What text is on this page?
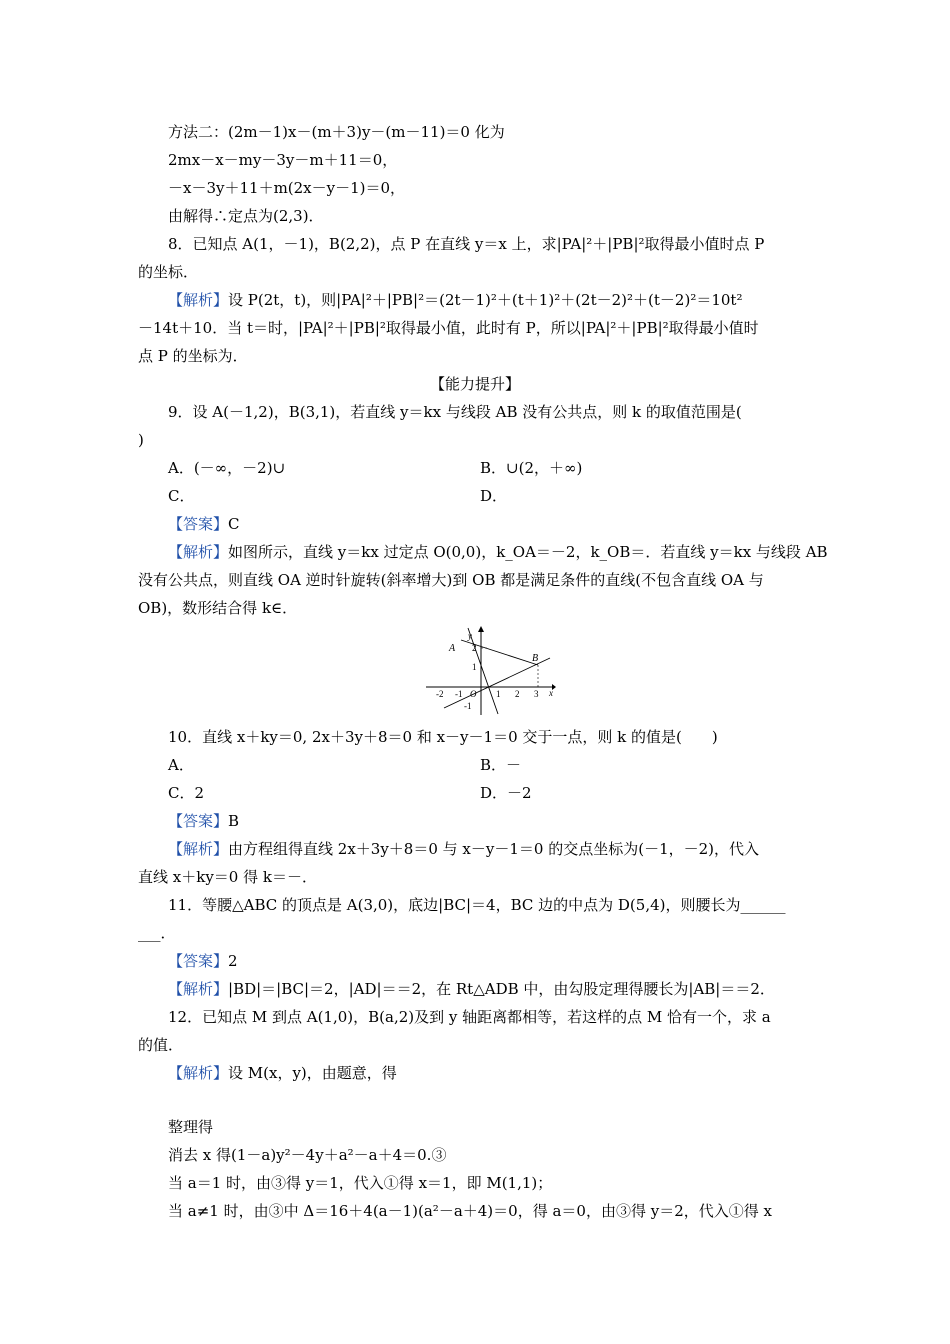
方法二：(2m－1)x－(m＋3)y－(m－11)＝0 化为
2mx－x－my－3y－m＋11＝0，
－x－3y＋11＋m(2x－y－1)＝0，
由解得∴定点为(2,3)．
8．已知点 A(1，－1)，B(2,2)，点 P 在直线 y＝x 上，求|PA|²＋|PB|²取得最小值时点 P
的坐标．
【解析】设 P(2t，t)，则|PA|²＋|PB|²＝(2t－1)²＋(t＋1)²＋(2t－2)²＋(t－2)²＝10t²
－14t＋10．当 t＝时，|PA|²＋|PB|²取得最小值，此时有 P，所以|PA|²＋|PB|²取得最小值时
点 P 的坐标为．
【能力提升】
9．设 A(－1,2)，B(3,1)，若直线 y＝kx 与线段 AB 没有公共点，则 k 的取值范围是(
)
A．(－∞，－2)∪	B．∪(2，＋∞)
C．	D．
【答案】C
【解析】如图所示，直线 y＝kx 过定点 O(0,0)，k_OA＝－2，k_OB＝．若直线 y＝kx 与线段 AB
没有公共点，则直线 OA 逆时针旋转(斜率增大)到 OB 都是满足条件的直线(不包含直线 OA 与
OB)，数形结合得 k∈．
A
B
y
x
O
-2 -1	1 2 3
2
1
-1
10．直线 x＋ky＝0, 2x＋3y＋8＝0 和 x－y－1＝0 交于一点，则 k 的值是(　　)
A．	B．－
C．2	D．－2
【答案】B
【解析】由方程组得直线 2x＋3y＋8＝0 与 x－y－1＝0 的交点坐标为(－1，－2)，代入
直线 x＋ky＝0 得 k＝－．
11．等腰△ABC 的顶点是 A(3,0)，底边|BC|＝4，BC 边的中点为 D(5,4)，则腰长为______
___．
【答案】2
【解析】|BD|＝|BC|＝2，|AD|＝＝2，在 Rt△ADB 中，由勾股定理得腰长为|AB|＝＝2．
12．已知点 M 到点 A(1,0)，B(a,2)及到 y 轴距离都相等，若这样的点 M 恰有一个，求 a
的值．
【解析】设 M(x，y)，由题意，得
整理得
消去 x 得(1－a)y²－4y＋a²－a＋4＝0.③
当 a＝1 时，由③得 y＝1，代入①得 x＝1，即 M(1,1)；
当 a≠1 时，由③中 Δ＝16＋4(a－1)(a²－a＋4)＝0，得 a＝0，由③得 y＝2，代入①得 x
